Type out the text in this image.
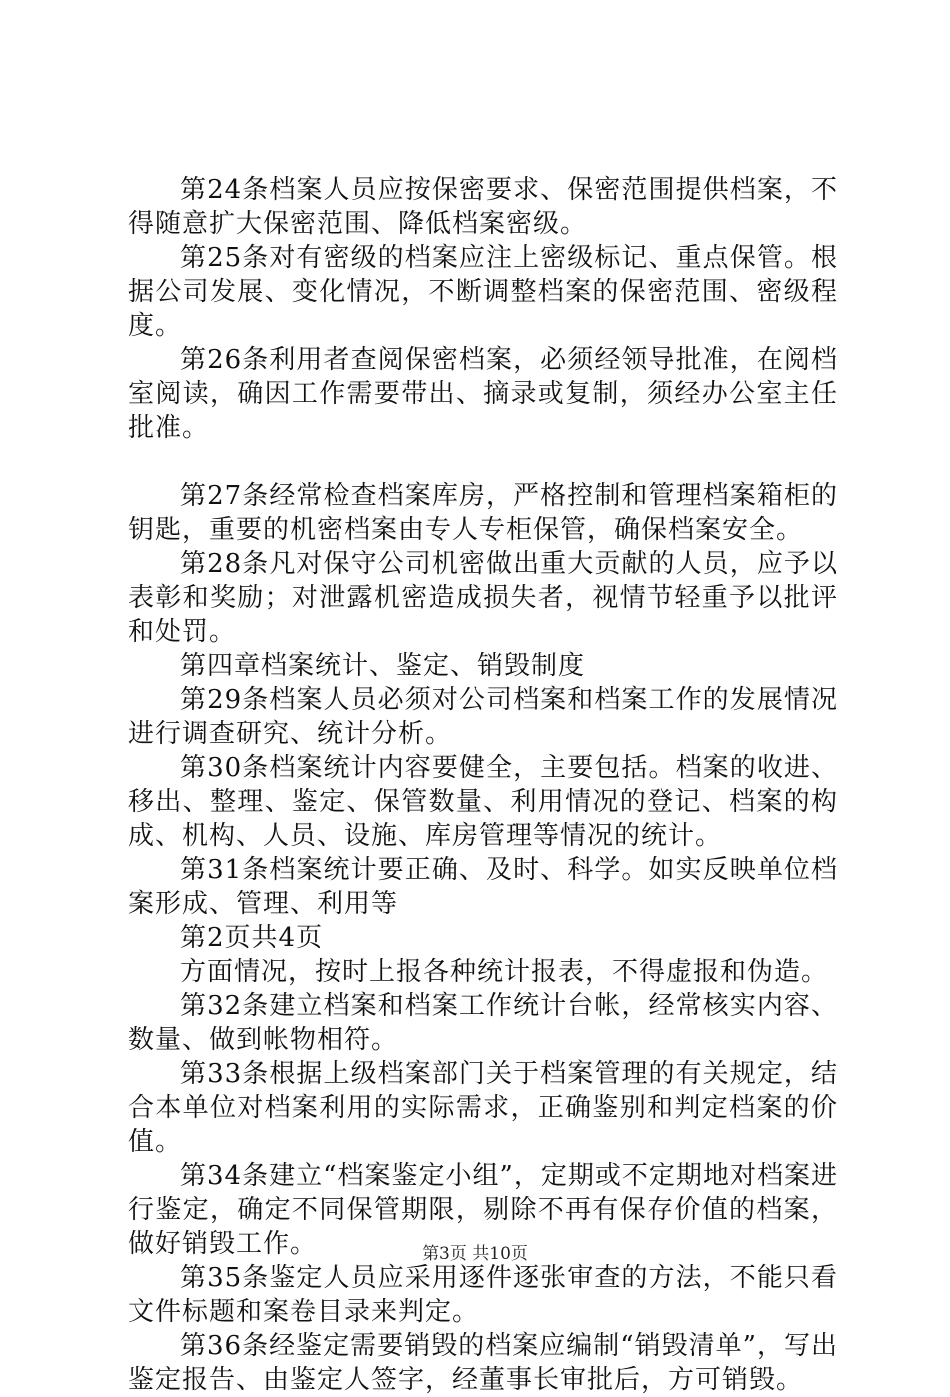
第24条档案人员应按保密要求、保密范围提供档案，不得随意扩大保密范围、降低档案密级。

第25条对有密级的档案应注上密级标记、重点保管。根据公司发展、变化情况，不断调整档案的保密范围、密级程度。

第26条利用者查阅保密档案，必须经领导批准，在阅档室阅读，确因工作需要带出、摘录或复制，须经办公室主任批准。

第27条经常检查档案库房，严格控制和管理档案箱柜的钥匙，重要的机密档案由专人专柜保管，确保档案安全。

第28条凡对保守公司机密做出重大贡献的人员，应予以表彰和奖励；对泄露机密造成损失者，视情节轻重予以批评和处罚。

第四章档案统计、鉴定、销毁制度

第29条档案人员必须对公司档案和档案工作的发展情况进行调查研究、统计分析。

第30条档案统计内容要健全，主要包括。档案的收进、移出、整理、鉴定、保管数量、利用情况的登记、档案的构成、机构、人员、设施、库房管理等情况的统计。

第31条档案统计要正确、及时、科学。如实反映单位档案形成、管理、利用等

第2页共4页

方面情况，按时上报各种统计报表，不得虚报和伪造。

第32条建立档案和档案工作统计台帐，经常核实内容、数量、做到帐物相符。

第33条根据上级档案部门关于档案管理的有关规定，结合本单位对档案利用的实际需求，正确鉴别和判定档案的价值。

第34条建立“档案鉴定小组”，定期或不定期地对档案进行鉴定，确定不同保管期限，剔除不再有保存价值的档案，做好销毁工作。

第35条鉴定人员应采用逐件逐张审查的方法，不能只看文件标题和案卷目录来判定。

第36条经鉴定需要销毁的档案应编制“销毁清单”，写出鉴定报告、由鉴定人签字，经董事长审批后，方可销毁。

第3页 共10页
